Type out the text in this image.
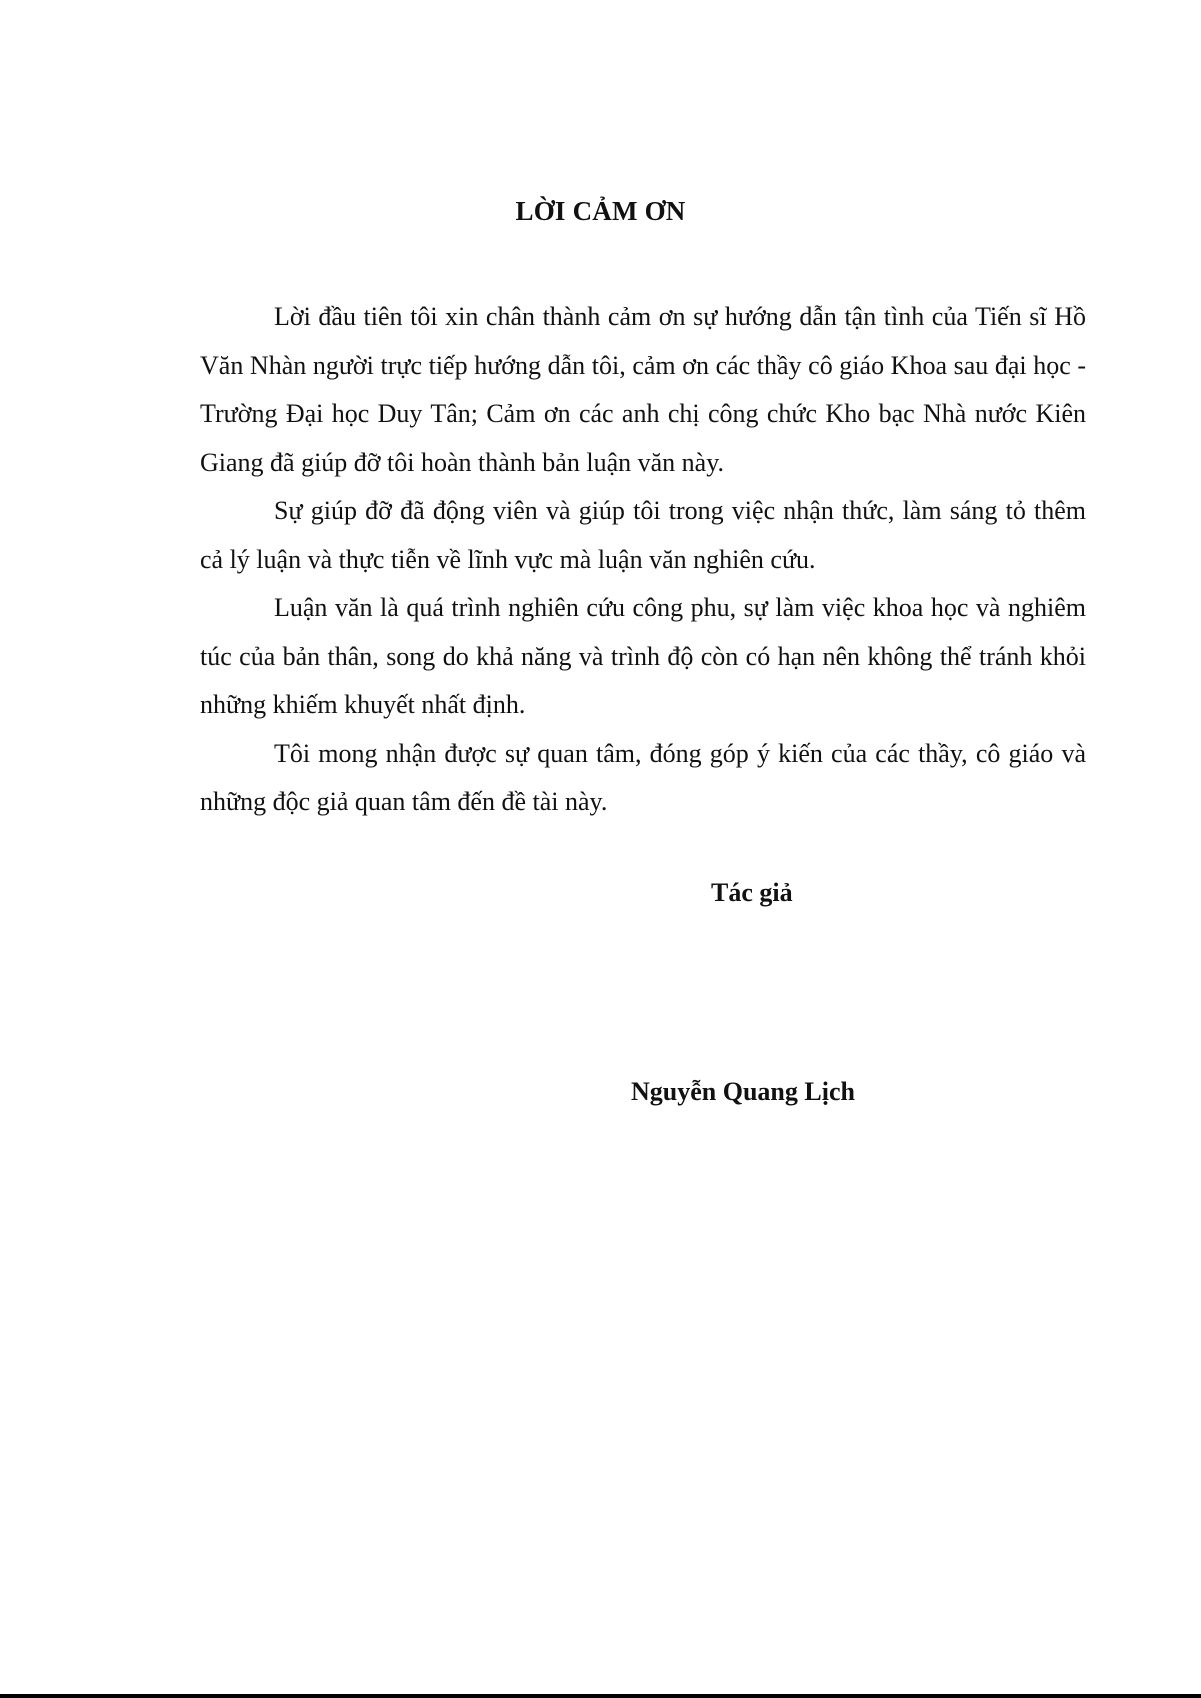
LỜI CẢM ƠN

Lời đầu tiên tôi xin chân thành cảm ơn sự hướng dẫn tận tình của Tiến sĩ Hồ Văn Nhàn người trực tiếp hướng dẫn tôi, cảm ơn các thầy cô giáo Khoa sau đại học - Trường Đại học Duy Tân; Cảm ơn các anh chị công chức Kho bạc Nhà nước Kiên Giang đã giúp đỡ tôi hoàn thành bản luận văn này.

Sự giúp đỡ đã động viên và giúp tôi trong việc nhận thức, làm sáng tỏ thêm cả lý luận và thực tiễn về lĩnh vực mà luận văn nghiên cứu.

Luận văn là quá trình nghiên cứu công phu, sự làm việc khoa học và nghiêm túc của bản thân, song do khả năng và trình độ còn có hạn nên không thể tránh khỏi những khiếm khuyết nhất định.

Tôi mong nhận được sự quan tâm, đóng góp ý kiến của các thầy, cô giáo và những độc giả quan tâm đến đề tài này.

Tác giả

Nguyễn Quang Lịch
